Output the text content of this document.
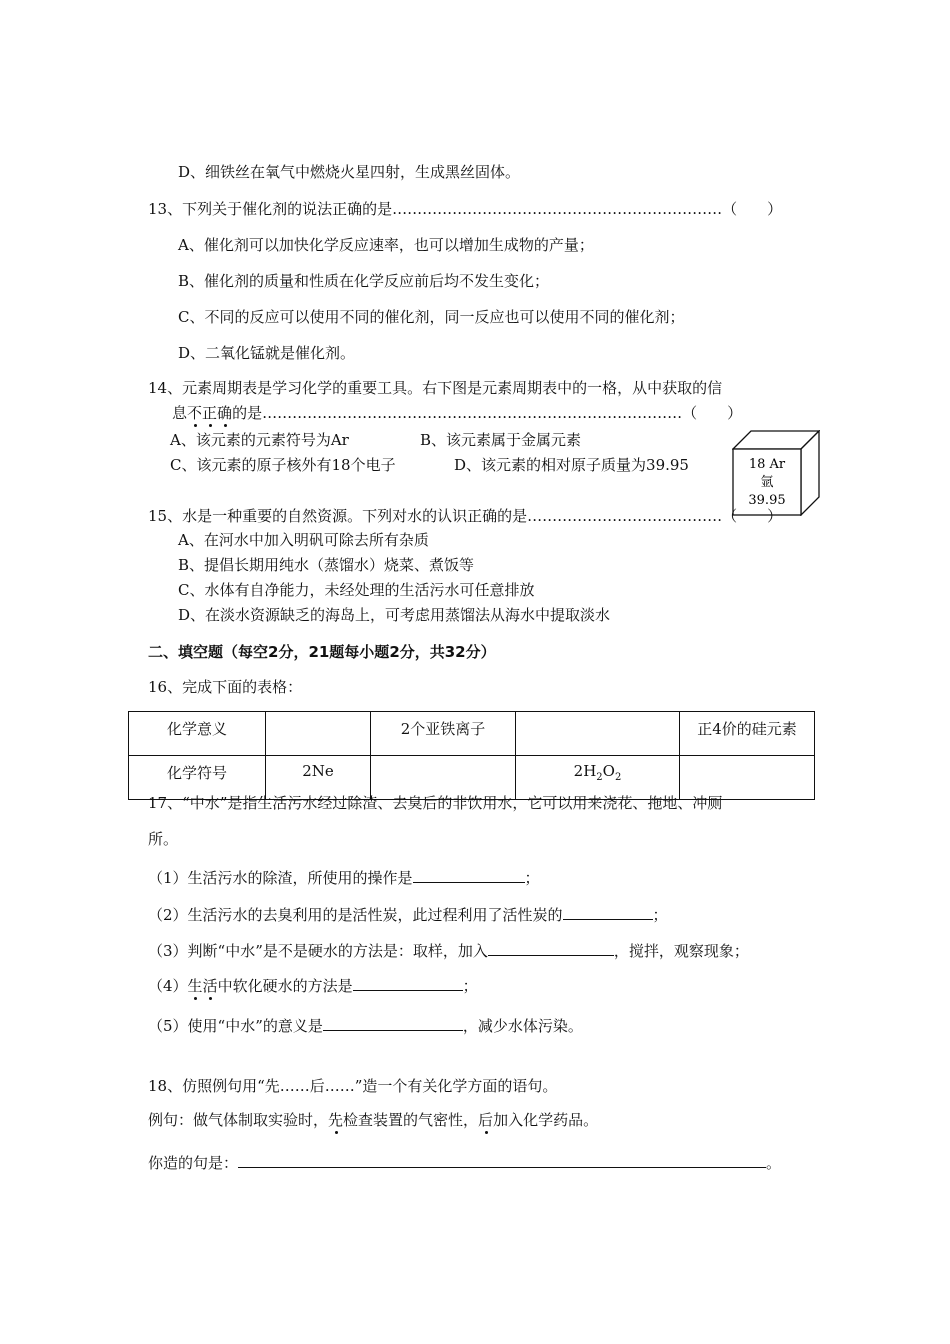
D、细铁丝在氧气中燃烧火星四射，生成黑丝固体。
13、下列关于催化剂的说法正确的是…………………………………………………………（　　）
A、催化剂可以加快化学反应速率，也可以增加生成物的产量；
B、催化剂的质量和性质在化学反应前后均不发生变化；
C、不同的反应可以使用不同的催化剂，同一反应也可以使用不同的催化剂；
D、二氧化锰就是催化剂。
14、元素周期表是学习化学的重要工具。右下图是元素周期表中的一格，从中获取的信
息不正确的是…………………………………………………………………………（　　）
A、该元素的元素符号为Ar	B、该元素属于金属元素
C、该元素的原子核外有18个电子	D、该元素的相对原子质量为39.95	18 Ar
氩
39.95
15、水是一种重要的自然资源。下列对水的认识正确的是…………………………………（　　）
A、在河水中加入明矾可除去所有杂质
B、提倡长期用纯水（蒸馏水）烧菜、煮饭等
C、水体有自净能力，未经处理的生活污水可任意排放
D、在淡水资源缺乏的海岛上，可考虑用蒸馏法从海水中提取淡水
二、填空题（每空2分，21题每小题2分，共32分）
16、完成下面的表格：
化学意义		2个亚铁离子		正4价的硅元素
化学符号	2Ne		$2H_2O_2$	
17、“中水”是指生活污水经过除渣、去臭后的非饮用水，它可以用来浇花、拖地、冲厕
所。
（1）生活污水的除渣，所使用的操作是	；
（2）生活污水的去臭利用的是活性炭，此过程利用了活性炭的	；
（3）判断“中水”是不是硬水的方法是：取样，加入	，搅拌，观察现象；
（4）生活中软化硬水的方法是	；
（5）使用“中水”的意义是	，减少水体污染。
18、仿照例句用“先……后……”造一个有关化学方面的语句。
例句：做气体制取实验时，先检查装置的气密性，后加入化学药品。
你造的句是：	。
